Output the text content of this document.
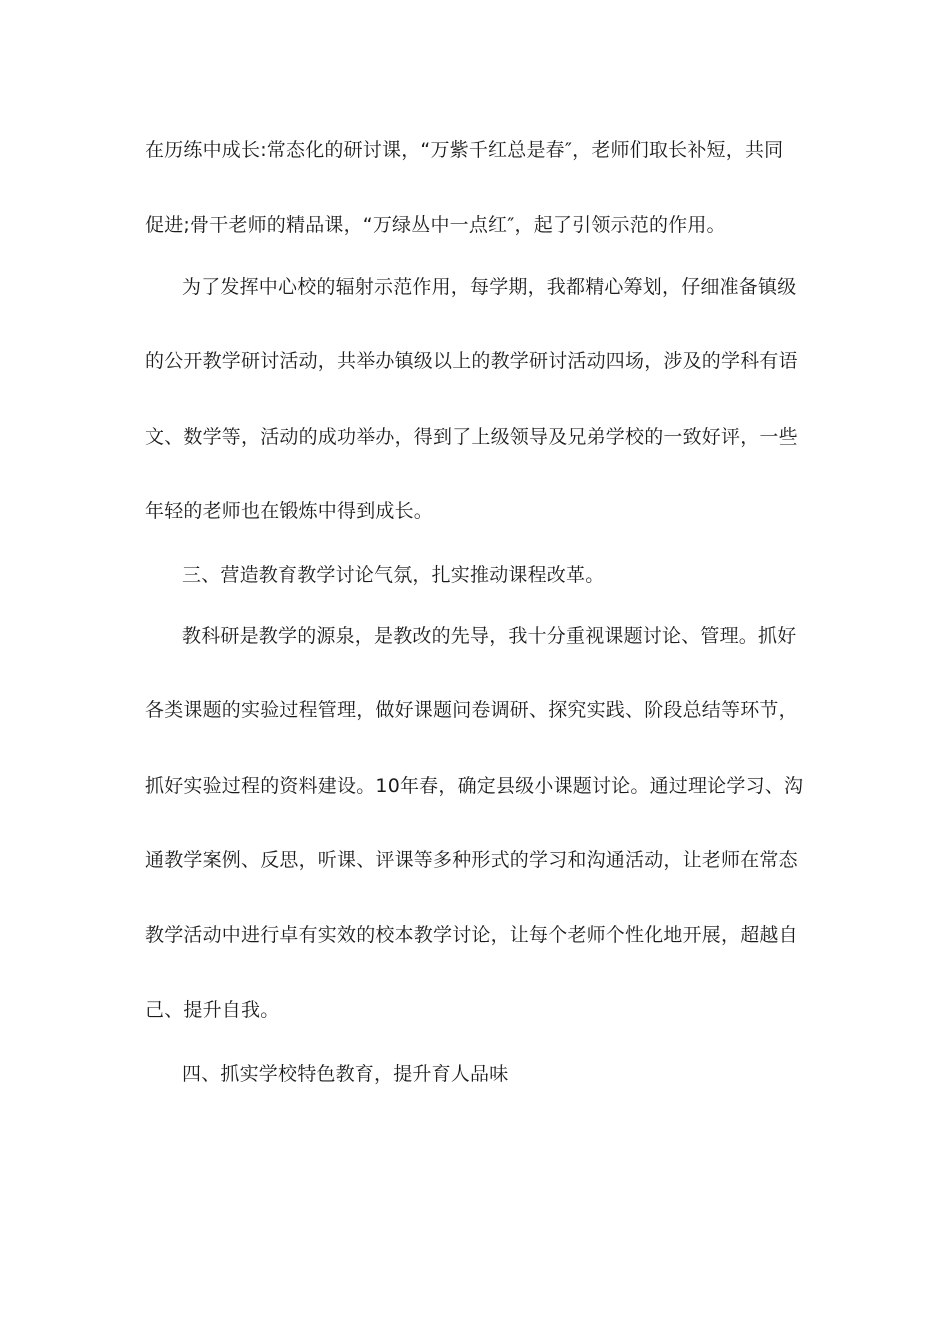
在历练中成长:常态化的研讨课，“万紫千红总是春″，老师们取长补短，共同
促进;骨干老师的精品课，“万绿丛中一点红″，起了引领示范的作用。
为了发挥中心校的辐射示范作用，每学期，我都精心筹划，仔细准备镇级
的公开教学研讨活动，共举办镇级以上的教学研讨活动四场，涉及的学科有语
文、数学等，活动的成功举办，得到了上级领导及兄弟学校的一致好评，一些
年轻的老师也在锻炼中得到成长。
三、营造教育教学讨论气氛，扎实推动课程改革。
教科研是教学的源泉，是教改的先导，我十分重视课题讨论、管理。抓好
各类课题的实验过程管理，做好课题问卷调研、探究实践、阶段总结等环节，
抓好实验过程的资料建设。10年春，确定县级小课题讨论。通过理论学习、沟
通教学案例、反思，听课、评课等多种形式的学习和沟通活动，让老师在常态
教学活动中进行卓有实效的校本教学讨论，让每个老师个性化地开展，超越自
己、提升自我。
四、抓实学校特色教育，提升育人品味
